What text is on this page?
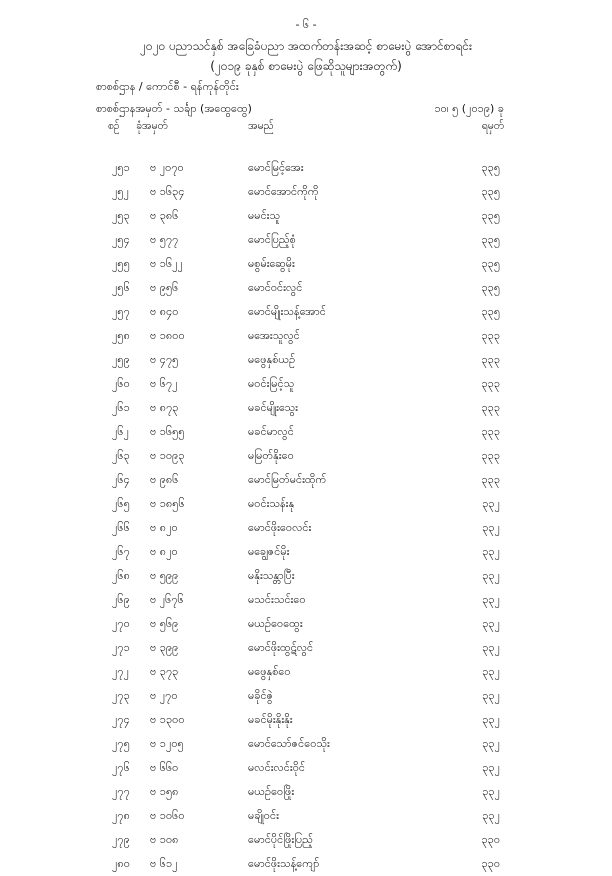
- ၆ -
၂၀၂၀ ပညာသင်နှစ် အခြေခံပညာ အထက်တန်းအဆင့် စာမေးပွဲ အောင်စာရင်း
(၂၀၁၉ ခုနှစ် စာမေးပွဲ ဖြေဆိုသူများအတွက်)
စာစစ်ဌာန / ကောင်စီ - ရန်ကုန်တိုင်း
စာစစ်ဌာနအမှတ် - သင်္ချာ (အထွေထွေ)	၁၀၊ ၅ (၂၀၁၉) ခု
စဉ် ခုံအမှတ်	အမည်	ရမှတ်
၂၅၁ ဗ ၂၀၇၀	မောင်မြင့်အေး	၃၃၅
၂၅၂ ဗ ၁၆၃၄	မောင်အောင်ကိုကို	၃၃၅
၂၅၃ ဗ ၃၈၆	မမင်းသူ	၃၃၅
၂၅၄ ဗ ၅၇၇	မောင်ပြည့်စုံ	၃၃၅
၂၅၅ ဗ ၁၆၂၂	မစွမ်းဆွေမိုး	၃၃၅
၂၅၆ ဗ ၉၅၆	မောင်ဝင်းလွင်	၃၃၅
၂၅၇ ဗ ၈၄၀	မောင်မျိုးသန့်အောင်	၃၃၅
၂၅၈ ဗ ၁၈၀၀	မအေးသူလွင်	၃၃၃
၂၅၉ ဗ ၄၇၅	မဖွေနှစ်ယဉ်	၃၃၃
၂၆၀ ဗ ၆၇၂	မဝင်းမြင့်သူ	၃၃၃
၂၆၁ ဗ ၈၇၃	မခင်မျိုးသွေး	၃၃၃
၂၆၂ ဗ ၁၆၅၅	မခင်မာလွင်	၃၃၃
၂၆၃ ဗ ၁၀၉၃	မမြတ်နိုးဝေ	၃၃၃
၂၆၄ ဗ ၉၈၆	မောင်မြတ်မင်းထိုက်	၃၃၃
၂၆၅ ဗ ၁၈၅၆	မဝင်းသန်းနု	၃၃၂
၂၆၆ ဗ ၈၂၀	မောင်ဖိုးဝေလင်း	၃၃၂
၂၆၇ ဗ ၈၂၀	မချွေဇင်မိုး	၃၃၂
၂၆၈ ဗ ၅၉၉	မနိုးသန္တာပြီး	၃၃၂
၂၆၉ ဗ ၂၆၇၆	မသင်းသင်းဝေ	၃၃၂
၂၇၀ ဗ ၅၆၉	မယဉ်ဝေထွေး	၃၃၂
၂၇၁ ဗ ၃၉၉	မောင်ဖိုးထွဋ်လွင်	၃၃၂
၂၇၂ ဗ ၃၇၃	မဖွေနှစ်ဝေ	၃၃၂
၂၇၃ ဗ ၂၇၀	မခိုင်ဇွဲ	၃၃၂
၂၇၄ ဗ ၁၃၀၀	မခင်မိုးနိုးနိုး	၃၃၂
၂၇၅ ဗ ၁၂၀၅	မောင်သော်ဇင်ဝေသိုး	၃၃၂
၂၇၆ ဗ ၆၆၀	မလင်းလင်းဝိုင်	၃၃၂
၂၇၇ ဗ ၁၅၈	မယဉ်ဝေဖြိုး	၃၃၂
၂၇၈ ဗ ၁၀၆၀	မချိုဝင်း	၃၃၂
၂၇၉ ဗ ၁၀၈	မောင်ပိုင်ဖြိုးပြည့်	၃၃၀
၂၈၀ ဗ ၆၁၂	မောင်ဖိုးသန့်ကျော်	၃၃၀
